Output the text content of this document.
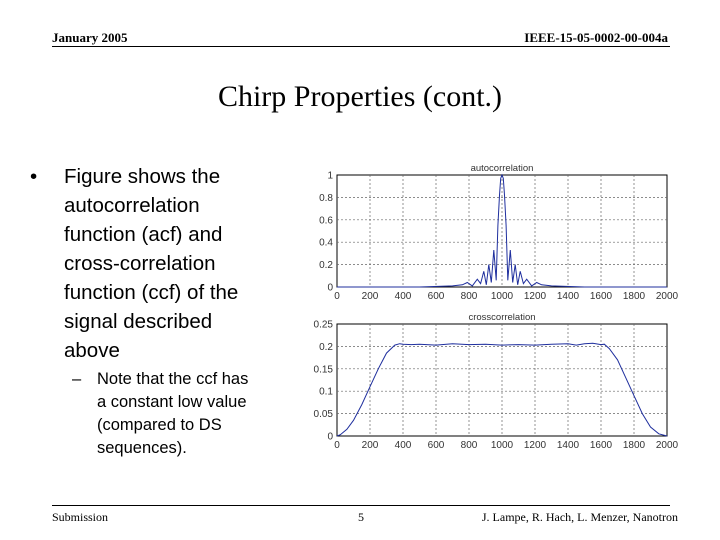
January 2005	IEEE-15-05-0002-00-004a
Chirp Properties (cont.)
• Figure shows the
autocorrelation
function (acf) and
cross-correlation
function (ccf) of the
signal described
above
– Note that the ccf has
a constant low value
(compared to DS
sequences).
0 200 400 600 800 1000 1200 1400 1600 1800 2000
0
0.2
0.4
0.6
0.8
1
autocorrelation
0 200 400 600 800 1000 1200 1400 1600 1800 2000
0
0.05
0.1
0.15
0.2
0.25
crosscorrelation
Submission	5	J. Lampe, R. Hach, L. Menzer, Nanotron
